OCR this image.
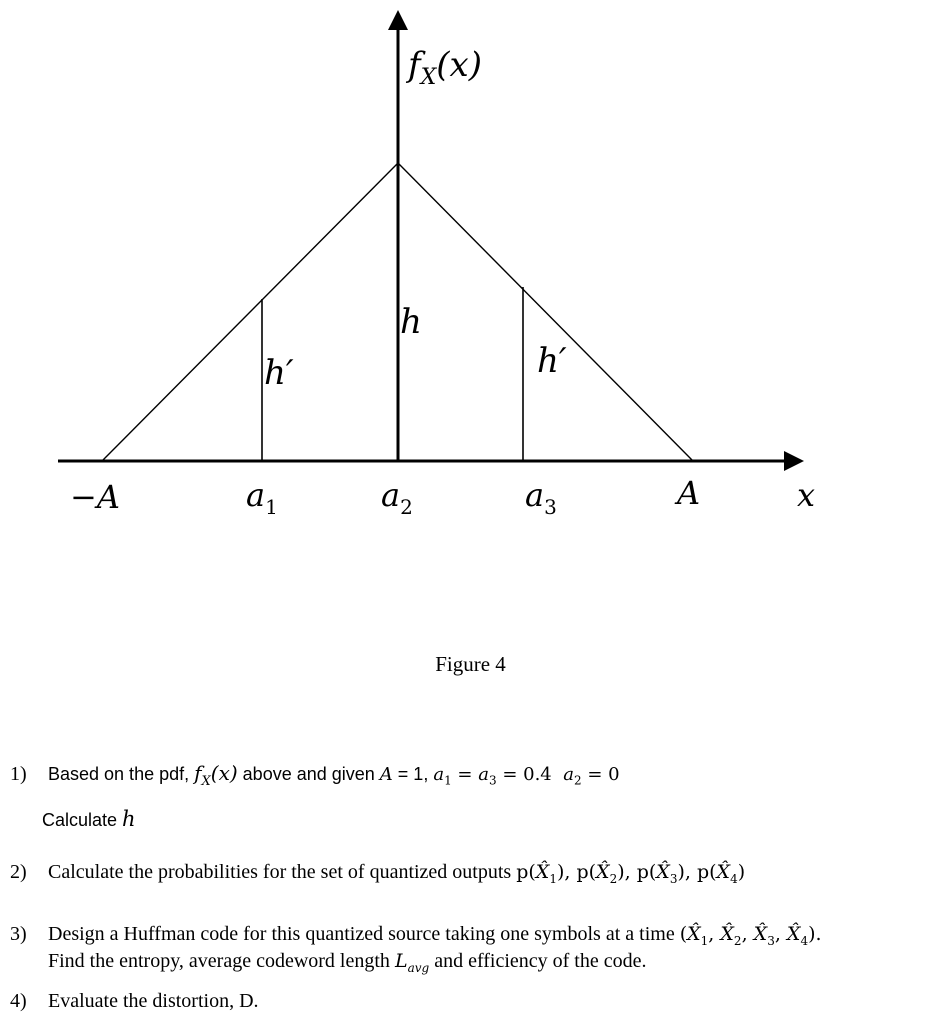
$f_X(x)$
h
h′	h′
−A	$a_1$	$a_2$	$a_3$	A	x
Figure 4
1) Based on the pdf, $f_X(x)$ above and given A = 1, $a_1 = a_3 = 0.4$  $a_2 = 0$
Calculate h
2) Calculate the probabilities for the set of quantized outputs $p(X̂_1)$, $p(X̂_2)$, $p(X̂_3)$, $p(X̂_4)$
3) Design a Huffman code for this quantized source taking one symbols at a time ($X̂_1$, $X̂_2$, $X̂_3$, $X̂_4$).
Find the entropy, average codeword length $L_{avg}$ and efficiency of the code.
4) Evaluate the distortion, D.
